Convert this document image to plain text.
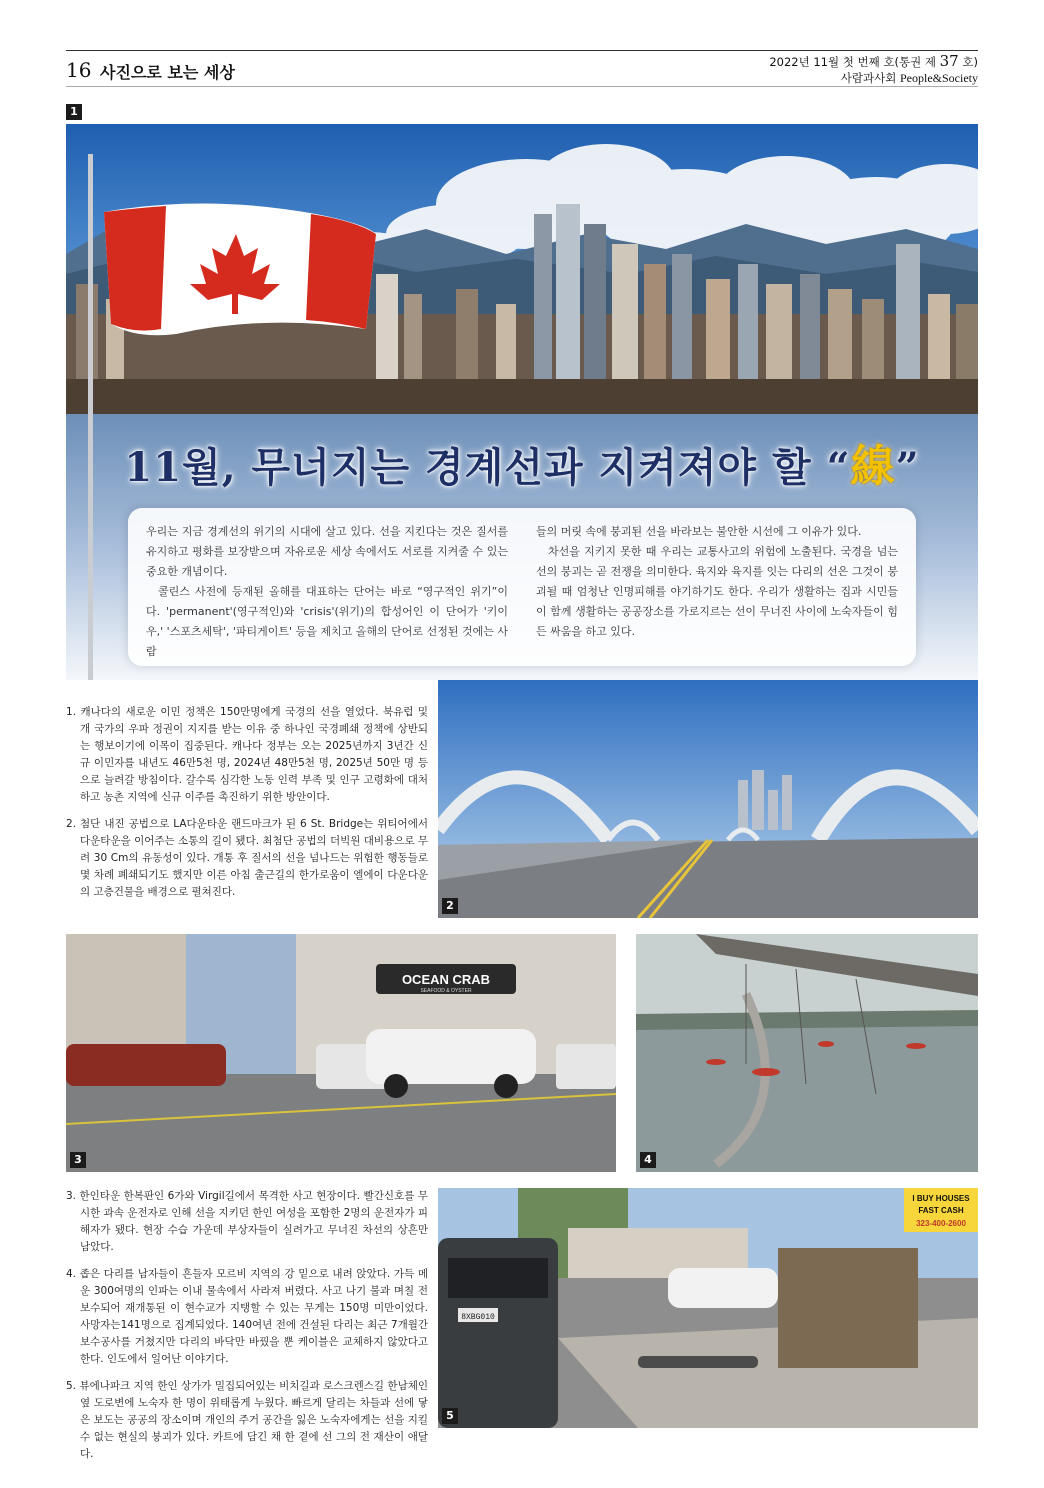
16 사진으로 보는 세상
2022년 11월 첫 번째 호(통권 제 37 호)
사람과사회 People&Society
1
11월, 무너지는 경계선과 지켜져야 할 “線”

우리는 지금 경계선의 위기의 시대에 살고 있다. 선을 지킨다는 것은 질서를 유지하고 평화를 보장받으며 자유로운 세상 속에서도 서로를 지켜줄 수 있는 중요한 개념이다.

콜린스 사전에 등재된 올해를 대표하는 단어는 바로 “영구적인 위기”이다. 'permanent'(영구적인)와 'crisis'(위기)의 합성어인 이 단어가 '키이우,' '스포츠세탁', '파티게이트' 등을 제치고 올해의 단어로 선정된 것에는 사람

들의 머릿 속에 붕괴된 선을 바라보는 불안한 시선에 그 이유가 있다.

차선을 지키지 못한 때 우리는 교통사고의 위험에 노출된다. 국경을 넘는 선의 붕괴는 곧 전쟁을 의미한다. 육지와 육지를 잇는 다리의 선은 그것이 붕괴될 때 엄청난 인명피해를 야기하기도 한다. 우리가 생활하는 집과 시민들이 함께 생활하는 공공장소를 가로지르는 선이 무너진 사이에 노숙자들이 힘든 싸움을 하고 있다.

1. 캐나다의 새로운 이민 정책은 150만명에게 국경의 선을 열었다. 북유럽 및 개 국가의 우파 정권이 지지를 받는 이유 중 하나인 국경폐쇄 정책에 상반되는 행보이기에 이목이 집중된다. 캐나다 정부는 오는 2025년까지 3년간 신규 이민자를 내년도 46만5천 명, 2024년 48만5천 명, 2025년 50만 명 등으로 늘려갈 방침이다. 갈수록 심각한 노동 인력 부족 및 인구 고령화에 대처하고 농촌 지역에 신규 이주를 촉진하기 위한 방안이다.

2. 첨단 내진 공법으로 LA다운타운 랜드마크가 된 6 St. Bridge는 위티어에서 다운타운을 이어주는 소통의 길이 됐다. 최첨단 공법의 더빅원 대비용으로 무려 30 Cm의 유동성이 있다. 개통 후 질서의 선을 넘나드는 위험한 행동들로 몇 차례 폐쇄되기도 했지만 이른 아침 출근길의 한가로움이 엘에이 다운다운의 고층건물을 배경으로 펼쳐진다.

2
OCEAN CRAB
SEAFOOD & OYSTER
3	4

3. 한인타운 한복판인 6가와 Virgil길에서 목격한 사고 현장이다. 빨간신호를 무시한 과속 운전자로 인해 선을 지키던 한인 여성을 포함한 2명의 운전자가 피해자가 됐다. 현장 수습 가운데 부상자들이 실려가고 무너진 차선의 상흔만 남았다.

4. 좁은 다리를 남자들이 흔들자 모르비 지역의 강 밑으로 내려 앉았다. 가득 메운 300여명의 인파는 이내 물속에서 사라져 버렸다. 사고 나기 불과 며칠 전 보수되어 재개통된 이 현수교가 지탱할 수 있는 무게는 150명 미만이었다. 사망자는141명으로 집계되었다. 140여년 전에 건설된 다리는 최근 7개월간 보수공사를 거쳤지만 다리의 바닥만 바꿨을 뿐 케이블은 교체하지 않았다고 한다. 인도에서 일어난 이야기다.

5. 뷰에나파크 지역 한인 상가가 밀집되어있는 비치길과 로스크렌스길 한남체인 옆 도로변에 노숙자 한 명이 위태롭게 누웠다. 빠르게 달리는 차들과 선에 닿은 보도는 공공의 장소이며 개인의 주거 공간을 잃은 노숙자에게는 선을 지킬 수 없는 현실의 붕괴가 있다. 카트에 담긴 채 한 곁에 선 그의 전 재산이 애달다.

8XBG010
I BUY HOUSES
FAST CASH
323-400-2600
5
